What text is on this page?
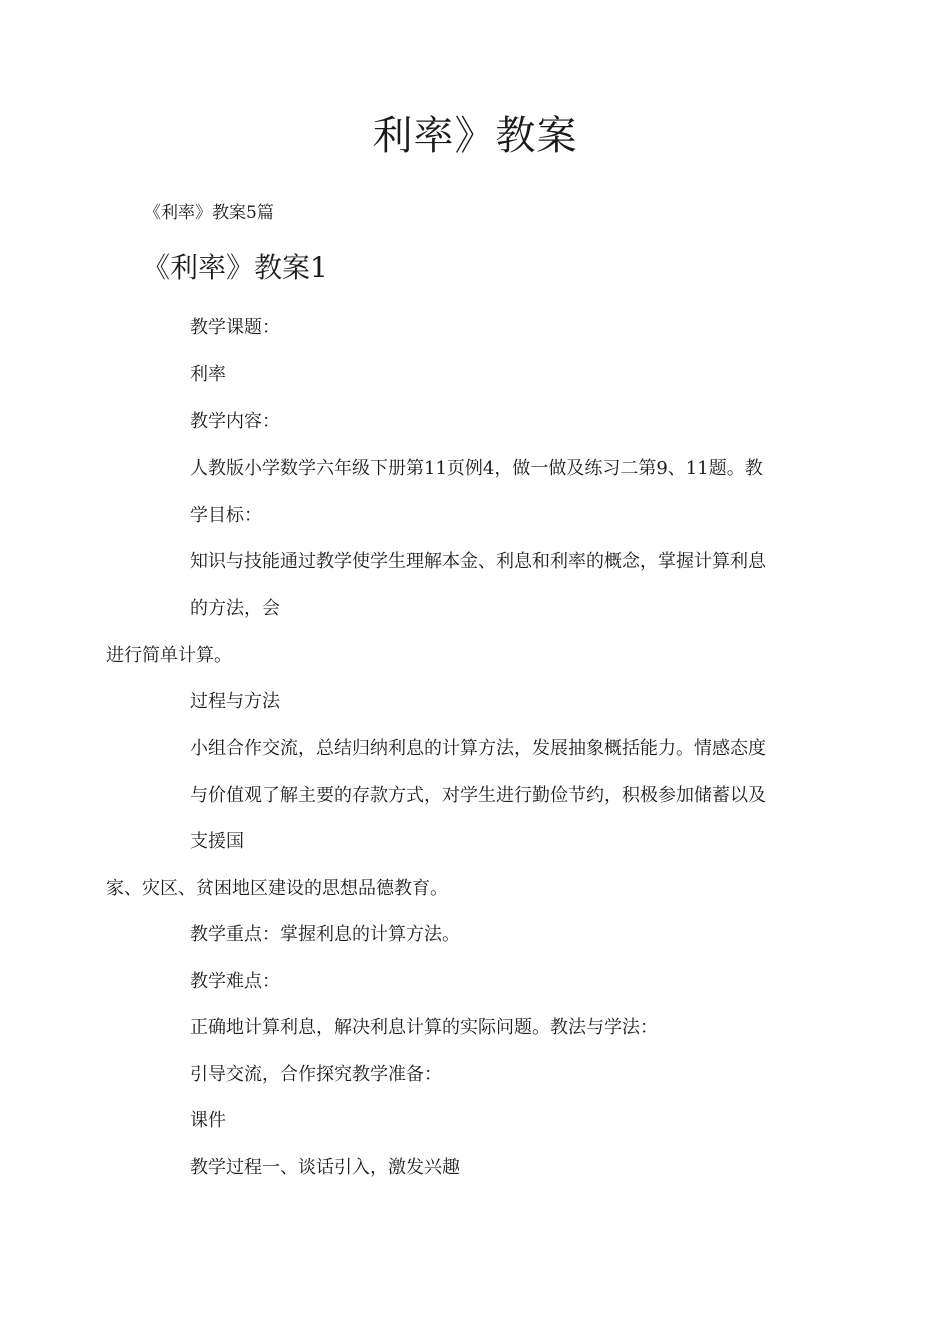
利率》教案
《利率》教案5篇
《利率》教案1
教学课题：
利率
教学内容：
人教版小学数学六年级下册第11页例4，做一做及练习二第9、11题。教
学目标：
知识与技能通过教学使学生理解本金、利息和利率的概念，掌握计算利息
的方法，会
进行简单计算。
过程与方法
小组合作交流，总结归纳利息的计算方法，发展抽象概括能力。情感态度
与价值观了解主要的存款方式，对学生进行勤俭节约，积极参加储蓄以及
支援国
家、灾区、贫困地区建设的思想品德教育。
教学重点：掌握利息的计算方法。
教学难点：
正确地计算利息，解决利息计算的实际问题。教法与学法：
引导交流，合作探究教学准备：
课件
教学过程一、谈话引入，激发兴趣
